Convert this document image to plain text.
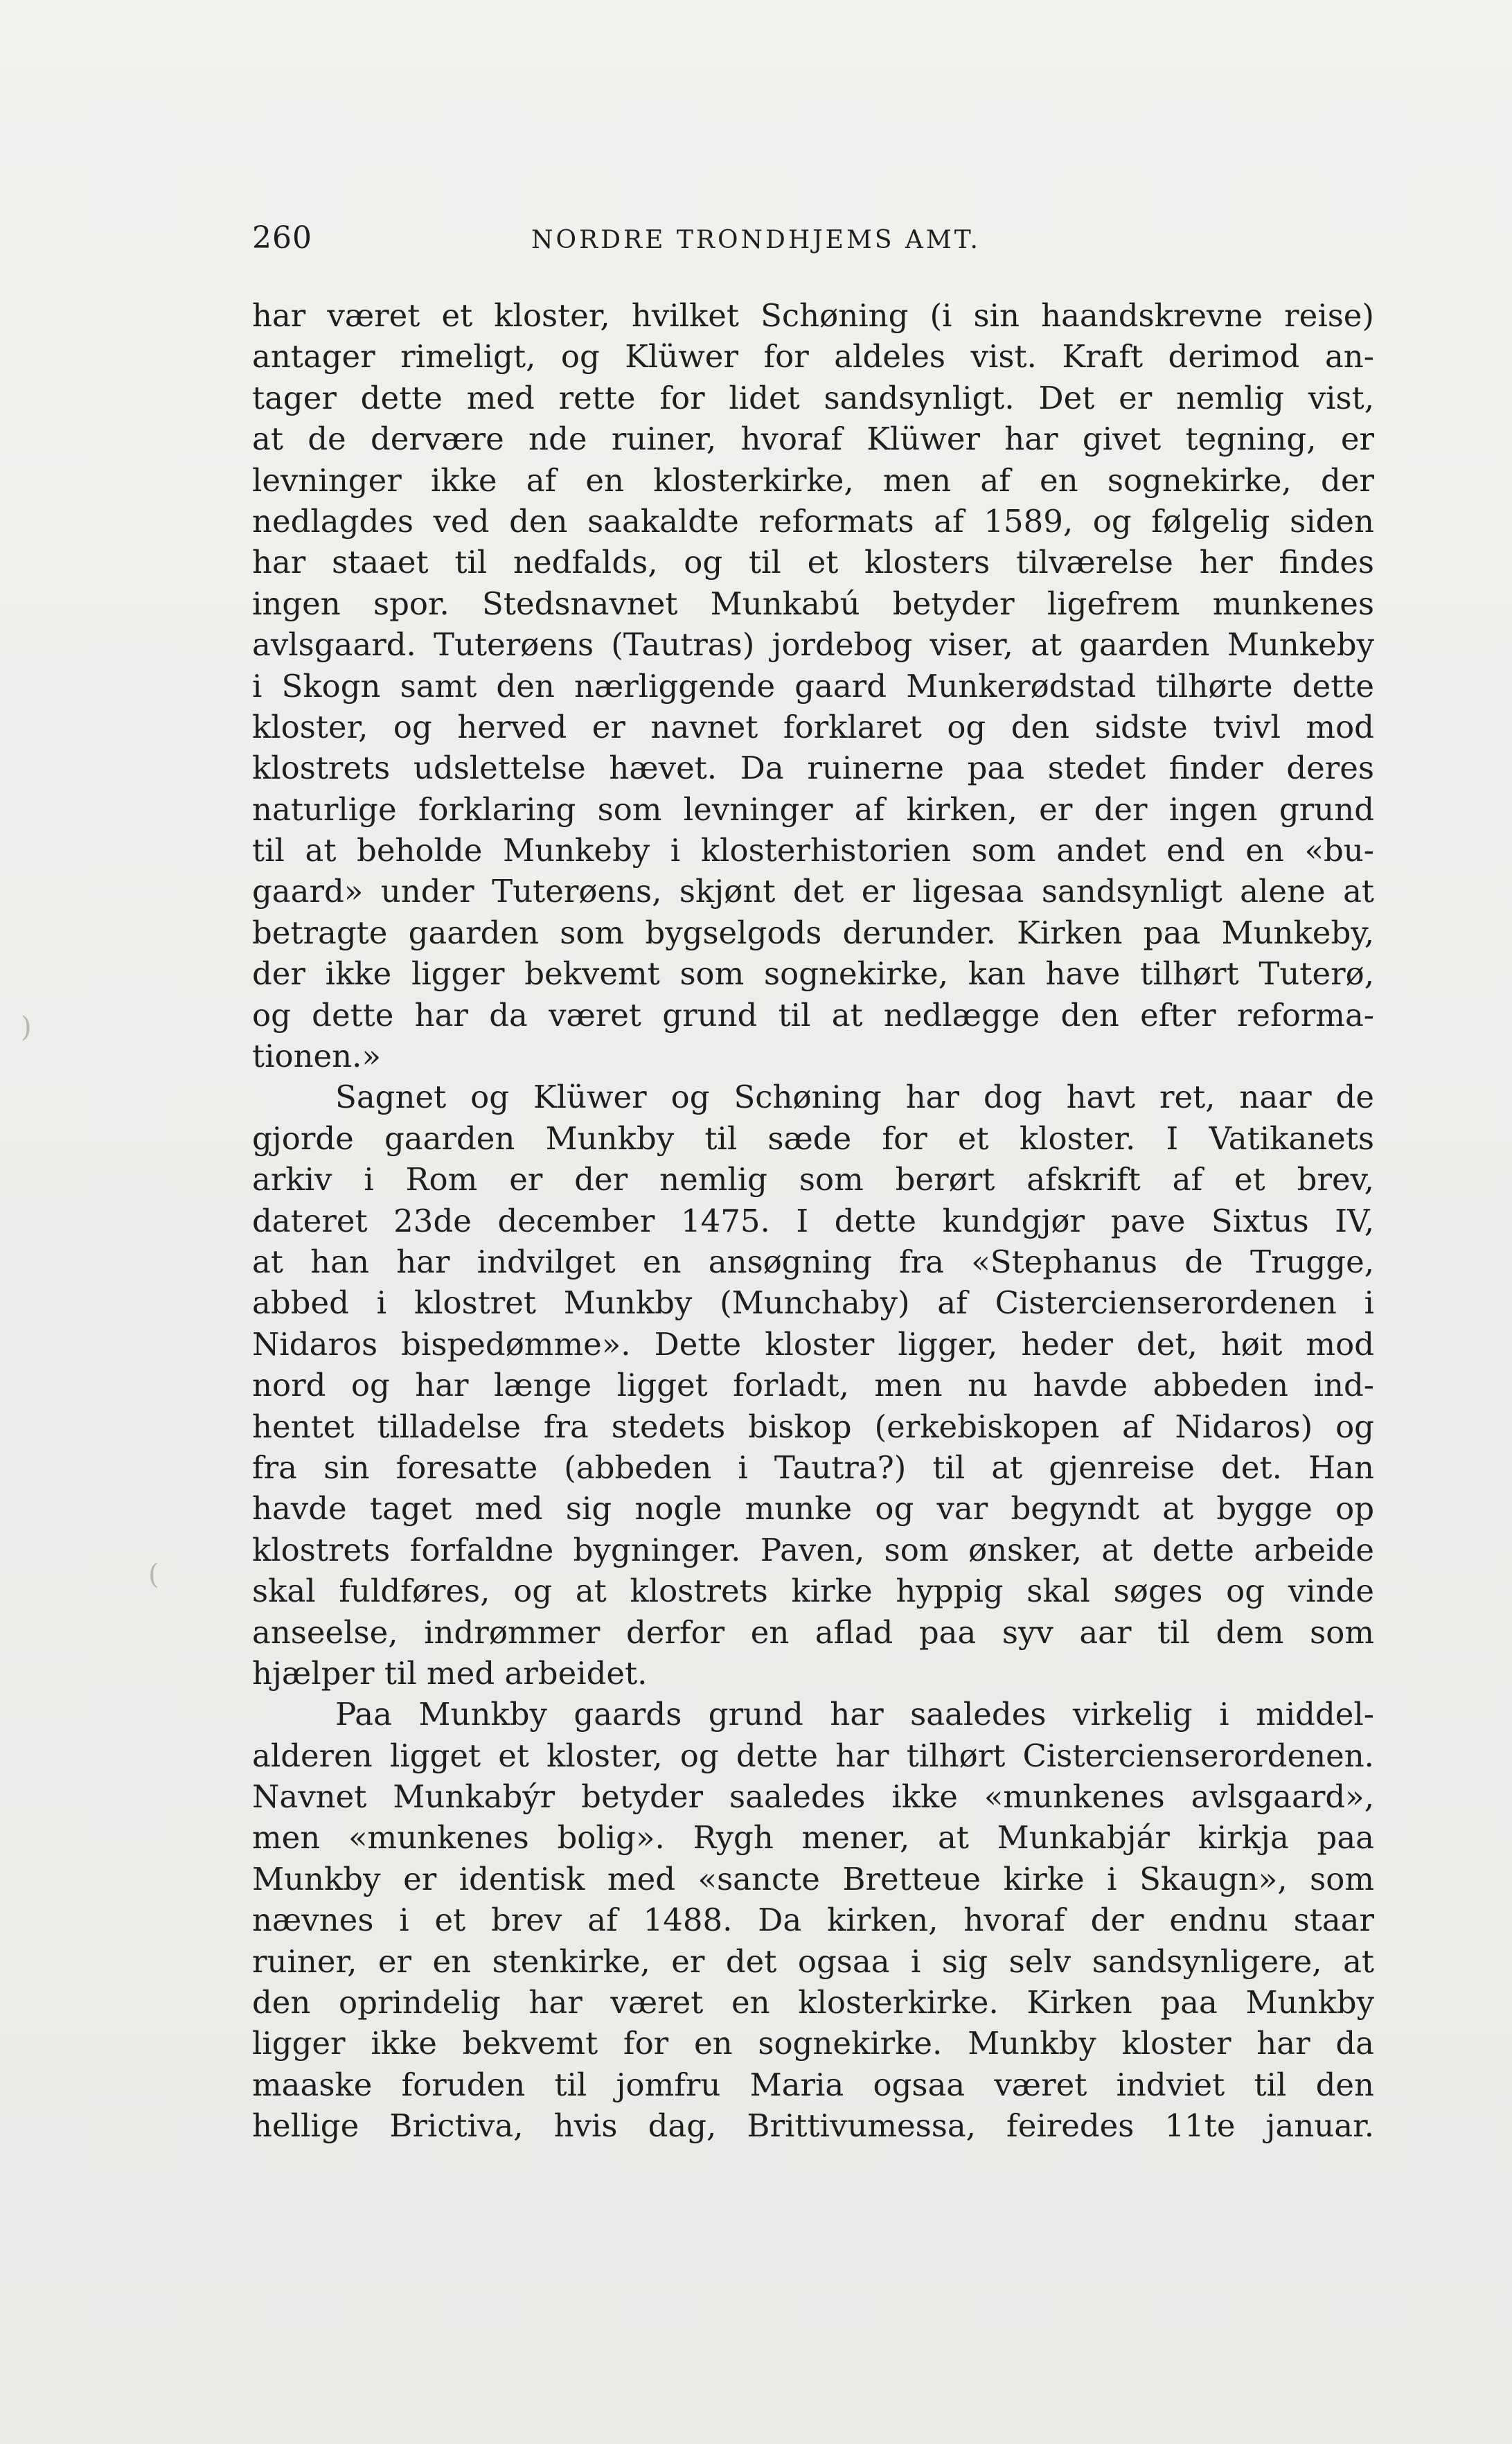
260	NORDRE TRONDHJEMS AMT.
har været et kloster, hvilket Schøning (i sin haandskrevne reise)
antager rimeligt, og Klüwer for aldeles vist. Kraft derimod an-
tager dette med rette for lidet sandsynligt. Det er nemlig vist,
at de dervære nde ruiner, hvoraf Klüwer har givet tegning, er
levninger ikke af en klosterkirke, men af en sognekirke, der
nedlagdes ved den saakaldte reformats af 1589, og følgelig siden
har staaet til nedfalds, og til et klosters tilværelse her findes
ingen spor. Stedsnavnet Munkabú betyder ligefrem munkenes
avlsgaard. Tuterøens (Tautras) jordebog viser, at gaarden Munkeby
i Skogn samt den nærliggende gaard Munkerødstad tilhørte dette
kloster, og herved er navnet forklaret og den sidste tvivl mod
klostrets udslettelse hævet. Da ruinerne paa stedet finder deres
naturlige forklaring som levninger af kirken, er der ingen grund
til at beholde Munkeby i klosterhistorien som andet end en «bu-
gaard» under Tuterøens, skjønt det er ligesaa sandsynligt alene at
betragte gaarden som bygselgods derunder. Kirken paa Munkeby,
der ikke ligger bekvemt som sognekirke, kan have tilhørt Tuterø,
og dette har da været grund til at nedlægge den efter reforma-
tionen.»
Sagnet og Klüwer og Schøning har dog havt ret, naar de
gjorde gaarden Munkby til sæde for et kloster. I Vatikanets
arkiv i Rom er der nemlig som berørt afskrift af et brev,
dateret 23de december 1475. I dette kundgjør pave Sixtus IV,
at han har indvilget en ansøgning fra «Stephanus de Trugge,
abbed i klostret Munkby (Munchaby) af Cistercienserordenen i
Nidaros bispedømme». Dette kloster ligger, heder det, høit mod
nord og har længe ligget forladt, men nu havde abbeden ind-
hentet tilladelse fra stedets biskop (erkebiskopen af Nidaros) og
fra sin foresatte (abbeden i Tautra?) til at gjenreise det. Han
havde taget med sig nogle munke og var begyndt at bygge op
klostrets forfaldne bygninger. Paven, som ønsker, at dette arbeide
skal fuldføres, og at klostrets kirke hyppig skal søges og vinde
anseelse, indrømmer derfor en aflad paa syv aar til dem som
hjælper til med arbeidet.
Paa Munkby gaards grund har saaledes virkelig i middel-
alderen ligget et kloster, og dette har tilhørt Cistercienserordenen.
Navnet Munkabýr betyder saaledes ikke «munkenes avlsgaard»,
men «munkenes bolig». Rygh mener, at Munkabjár kirkja paa
Munkby er identisk med «sancte Bretteue kirke i Skaugn», som
nævnes i et brev af 1488. Da kirken, hvoraf der endnu staar
ruiner, er en stenkirke, er det ogsaa i sig selv sandsynligere, at
den oprindelig har været en klosterkirke. Kirken paa Munkby
ligger ikke bekvemt for en sognekirke. Munkby kloster har da
maaske foruden til jomfru Maria ogsaa været indviet til den
hellige Brictiva, hvis dag, Brittivumessa, feiredes 11te januar.
)
(
